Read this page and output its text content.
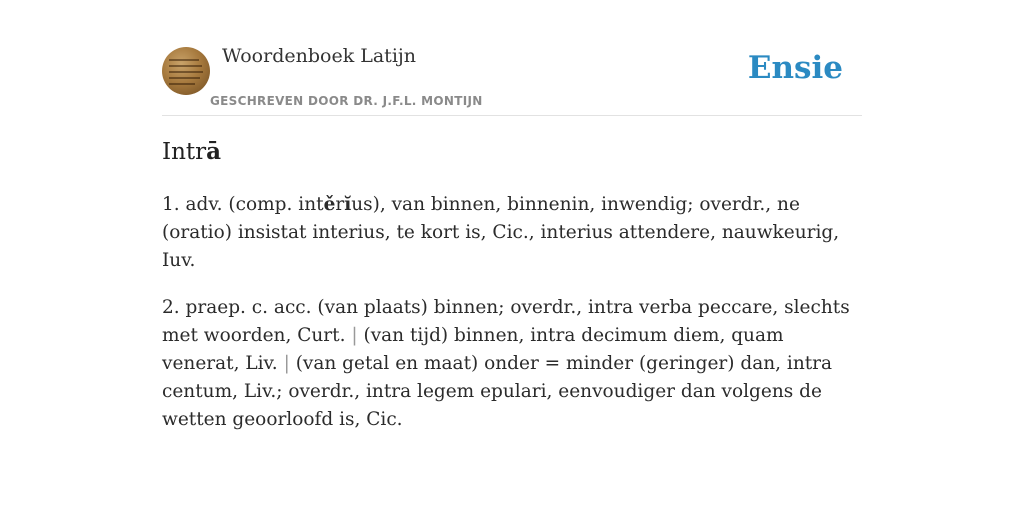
Woordenboek Latijn
GESCHREVEN DOOR DR. J.F.L. MONTIJN
Ensie
Intrā

1. adv. (comp. intěrĭus), van binnen, binnenin, inwendig; overdr., ne (oratio) insistat interius, te kort is, Cic., interius attendere, nauwkeurig, Iuv.

2. praep. c. acc. (van plaats) binnen; overdr., intra verba peccare, slechts met woorden, Curt. | (van tijd) binnen, intra decimum diem, quam venerat, Liv. | (van getal en maat) onder = minder (geringer) dan, intra centum, Liv.; overdr., intra legem epulari, eenvoudiger dan volgens de wetten geoorloofd is, Cic.
